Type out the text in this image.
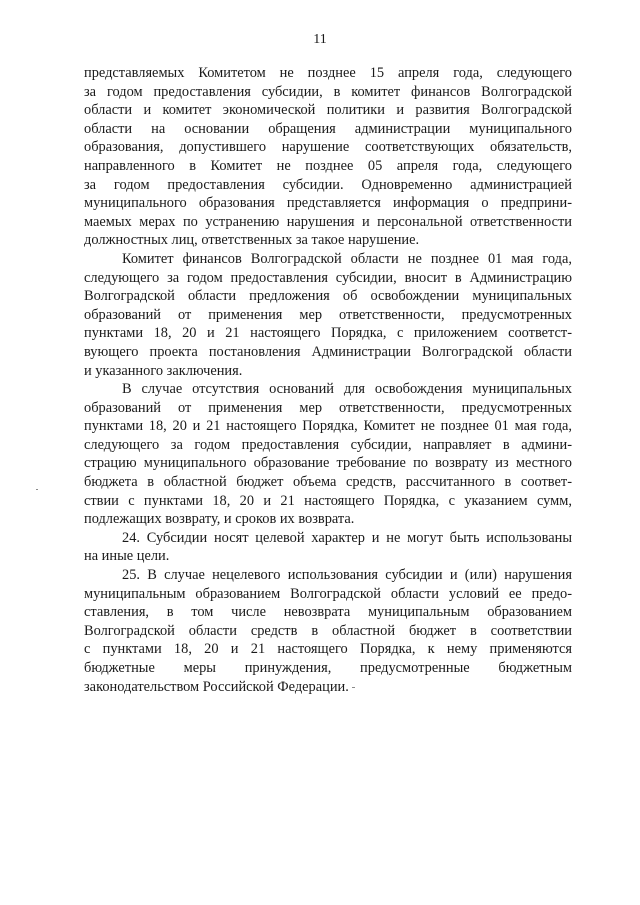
11
представляемых Комитетом не позднее 15 апреля года, следующего
за годом предоставления субсидии, в комитет финансов Волгоградской
области и комитет экономической политики и развития Волгоградской
области на основании обращения администрации муниципального
образования, допустившего нарушение соответствующих обязательств,
направленного в Комитет не позднее 05 апреля года, следующего
за годом предоставления субсидии. Одновременно администрацией
муниципального образования представляется информация о предприни-
маемых мерах по устранению нарушения и персональной ответственности
должностных лиц, ответственных за такое нарушение.
Комитет финансов Волгоградской области не позднее 01 мая года,
следующего за годом предоставления субсидии, вносит в Администрацию
Волгоградской области предложения об освобождении муниципальных
образований от применения мер ответственности, предусмотренных
пунктами 18, 20 и 21 настоящего Порядка, с приложением соответст-
вующего проекта постановления Администрации Волгоградской области
и указанного заключения.
В случае отсутствия оснований для освобождения муниципальных
образований от применения мер ответственности, предусмотренных
пунктами 18, 20 и 21 настоящего Порядка, Комитет не позднее 01 мая года,
следующего за годом предоставления субсидии, направляет в админи-
страцию муниципального образование требование по возврату из местного
бюджета в областной бюджет объема средств, рассчитанного в соответ-
ствии с пунктами 18, 20 и 21 настоящего Порядка, с указанием сумм,
подлежащих возврату, и сроков их возврата.
24. Субсидии носят целевой характер и не могут быть использованы
на иные цели.
25. В случае нецелевого использования субсидии и (или) нарушения
муниципальным образованием Волгоградской области условий ее предо-
ставления, в том числе невозврата муниципальным образованием
Волгоградской области средств в областной бюджет в соответствии
с пунктами 18, 20 и 21 настоящего Порядка, к нему применяются
бюджетные меры принуждения, предусмотренные бюджетным
законодательством Российской Федерации.
